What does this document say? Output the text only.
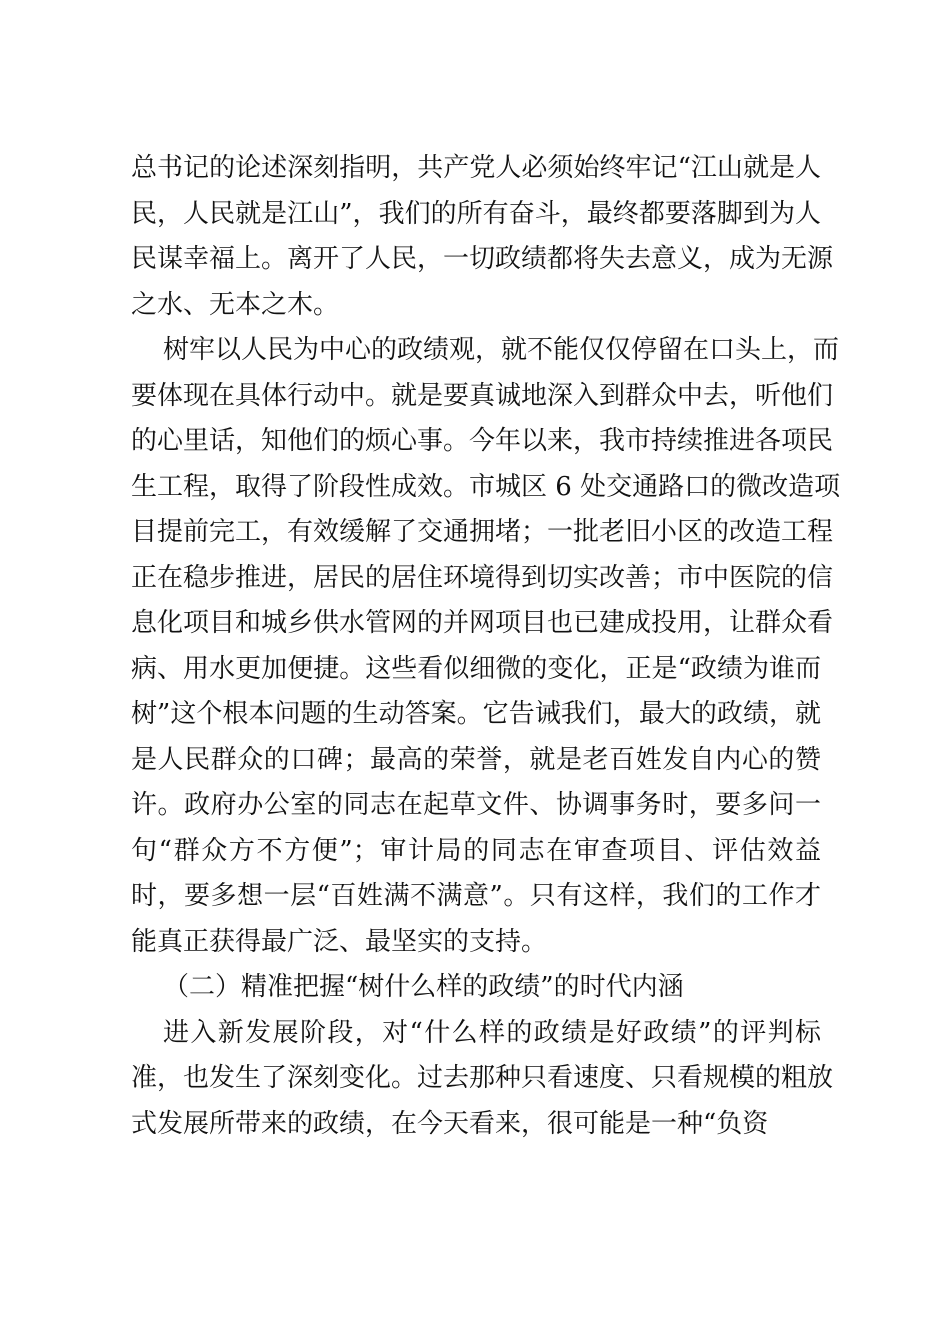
总书记的论述深刻指明，共产党人必须始终牢记“江山就是人
民，人民就是江山”，我们的所有奋斗，最终都要落脚到为人
民谋幸福上。离开了人民，一切政绩都将失去意义，成为无源
之水、无本之木。
树牢以人民为中心的政绩观，就不能仅仅停留在口头上，而
要体现在具体行动中。就是要真诚地深入到群众中去，听他们
的心里话，知他们的烦心事。今年以来，我市持续推进各项民
生工程，取得了阶段性成效。市城区 6 处交通路口的微改造项
目提前完工，有效缓解了交通拥堵；一批老旧小区的改造工程
正在稳步推进，居民的居住环境得到切实改善；市中医院的信
息化项目和城乡供水管网的并网项目也已建成投用，让群众看
病、用水更加便捷。这些看似细微的变化，正是“政绩为谁而
树”这个根本问题的生动答案。它告诫我们，最大的政绩，就
是人民群众的口碑；最高的荣誉，就是老百姓发自内心的赞
许。政府办公室的同志在起草文件、协调事务时，要多问一
句“群众方不方便”；审计局的同志在审查项目、评估效益
时，要多想一层“百姓满不满意”。只有这样，我们的工作才
能真正获得最广泛、最坚实的支持。
（二）精准把握“树什么样的政绩”的时代内涵
进入新发展阶段，对“什么样的政绩是好政绩”的评判标
准，也发生了深刻变化。过去那种只看速度、只看规模的粗放
式发展所带来的政绩，在今天看来，很可能是一种“负资
